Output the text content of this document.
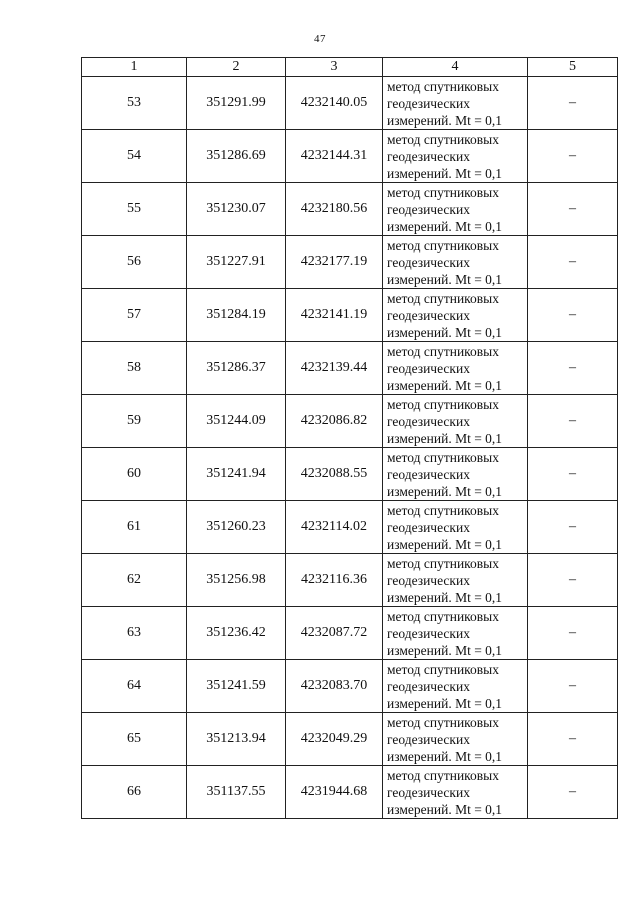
47
1	2	3	4	5
53	351291.99	4232140.05	метод спутниковых
геодезических
измерений. Mt = 0,1	–
54	351286.69	4232144.31	метод спутниковых
геодезических
измерений. Mt = 0,1	–
55	351230.07	4232180.56	метод спутниковых
геодезических
измерений. Mt = 0,1	–
56	351227.91	4232177.19	метод спутниковых
геодезических
измерений. Mt = 0,1	–
57	351284.19	4232141.19	метод спутниковых
геодезических
измерений. Mt = 0,1	–
58	351286.37	4232139.44	метод спутниковых
геодезических
измерений. Mt = 0,1	–
59	351244.09	4232086.82	метод спутниковых
геодезических
измерений. Mt = 0,1	–
60	351241.94	4232088.55	метод спутниковых
геодезических
измерений. Mt = 0,1	–
61	351260.23	4232114.02	метод спутниковых
геодезических
измерений. Mt = 0,1	–
62	351256.98	4232116.36	метод спутниковых
геодезических
измерений. Mt = 0,1	–
63	351236.42	4232087.72	метод спутниковых
геодезических
измерений. Mt = 0,1	–
64	351241.59	4232083.70	метод спутниковых
геодезических
измерений. Mt = 0,1	–
65	351213.94	4232049.29	метод спутниковых
геодезических
измерений. Mt = 0,1	–
66	351137.55	4231944.68	метод спутниковых
геодезических
измерений. Mt = 0,1	–
